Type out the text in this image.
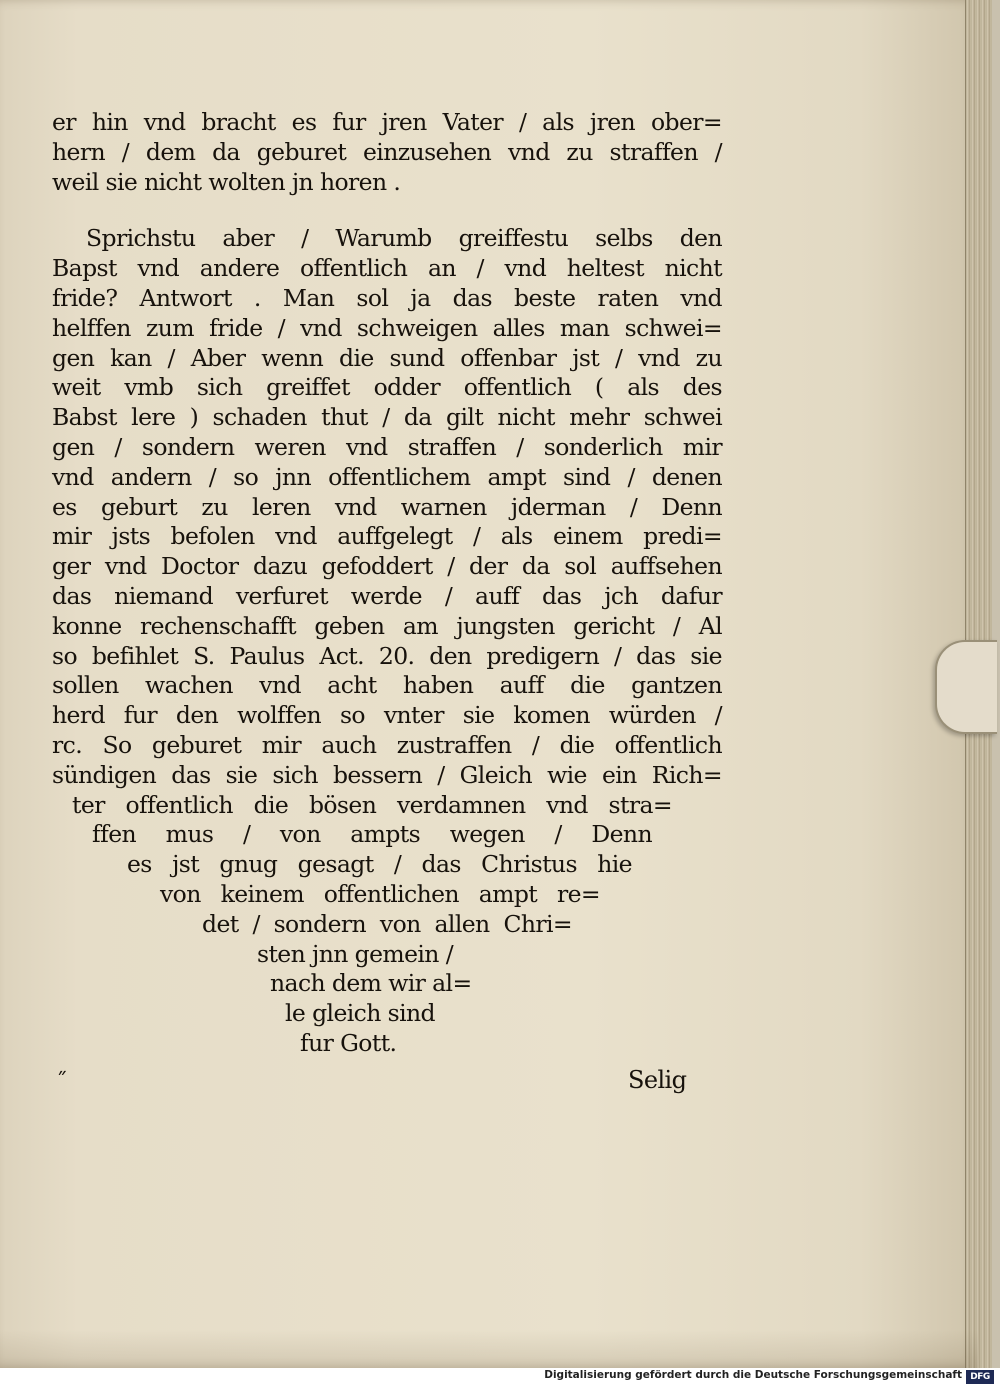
er hin vnd bracht es fur jren Vater / als jren ober=
hern / dem da geburet einzusehen vnd zu straffen /
weil sie nicht wolten jn horen .
Sprichstu aber / Warumb greiffestu selbs den
Bapst vnd andere offentlich an / vnd heltest nicht
fride? Antwort . Man sol ja das beste raten vnd
helffen zum fride / vnd schweigen alles man schwei=
gen kan / Aber wenn die sund offenbar jst / vnd zu
weit vmb sich greiffet odder offentlich ( als des
Babst lere ) schaden thut / da gilt nicht mehr schwei
gen / sondern weren vnd straffen / sonderlich mir
vnd andern / so jnn offentlichem ampt sind / denen
es geburt zu leren vnd warnen jderman / Denn
mir jsts befolen vnd auffgelegt / als einem predi=
ger vnd Doctor dazu gefoddert / der da sol auffsehen
das niemand verfuret werde / auff das jch dafur
konne rechenschafft geben am jungsten gericht / Al
so befihlet S. Paulus Act. 20. den predigern / das sie
sollen wachen vnd acht haben auff die gantzen
herd fur den wolffen so vnter sie komen würden /
rc. So geburet mir auch zustraffen / die offentlich
sündigen das sie sich bessern / Gleich wie ein Rich=
ter offentlich die bösen verdamnen vnd stra=
ffen mus / von ampts wegen / Denn
es jst gnug gesagt / das Christus hie
von keinem offentlichen ampt re=
det / sondern von allen Chri=
sten jnn gemein /
nach dem wir al=
le gleich sind
fur Gott.
˝	Selig
Digitalisierung gefördert durch die Deutsche Forschungsgemeinschaft DFG
